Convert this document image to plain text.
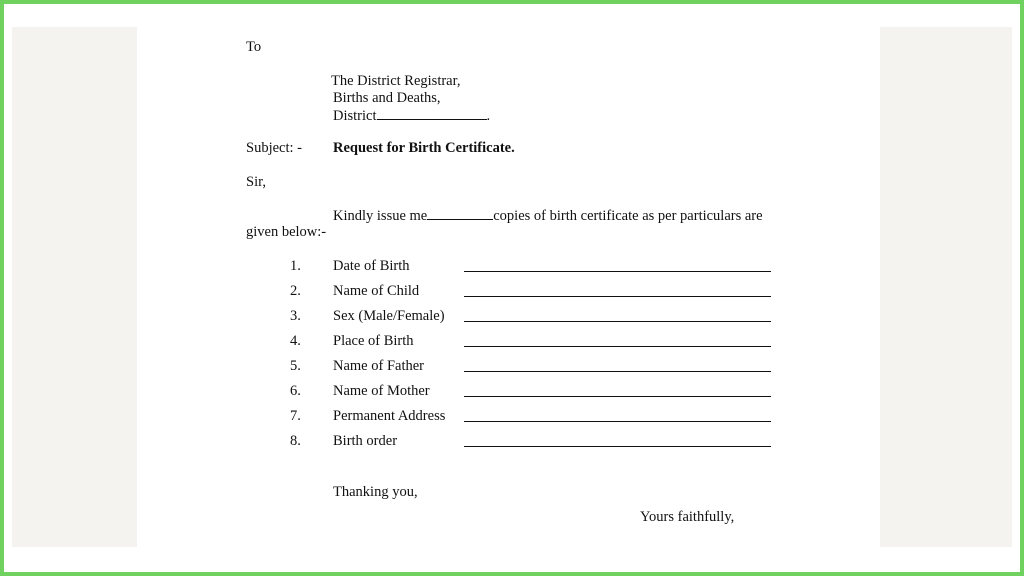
To
The District Registrar,
Births and Deaths,
District	.
Subject: - Request for Birth Certificate.
Sir,
Kindly issue me	copies of birth certificate as per particulars are
given below:-
1. Date of Birth
2. Name of Child
3. Sex (Male/Female)
4. Place of Birth
5. Name of Father
6. Name of Mother
7. Permanent Address
8. Birth order
Thanking you,
Yours faithfully,
